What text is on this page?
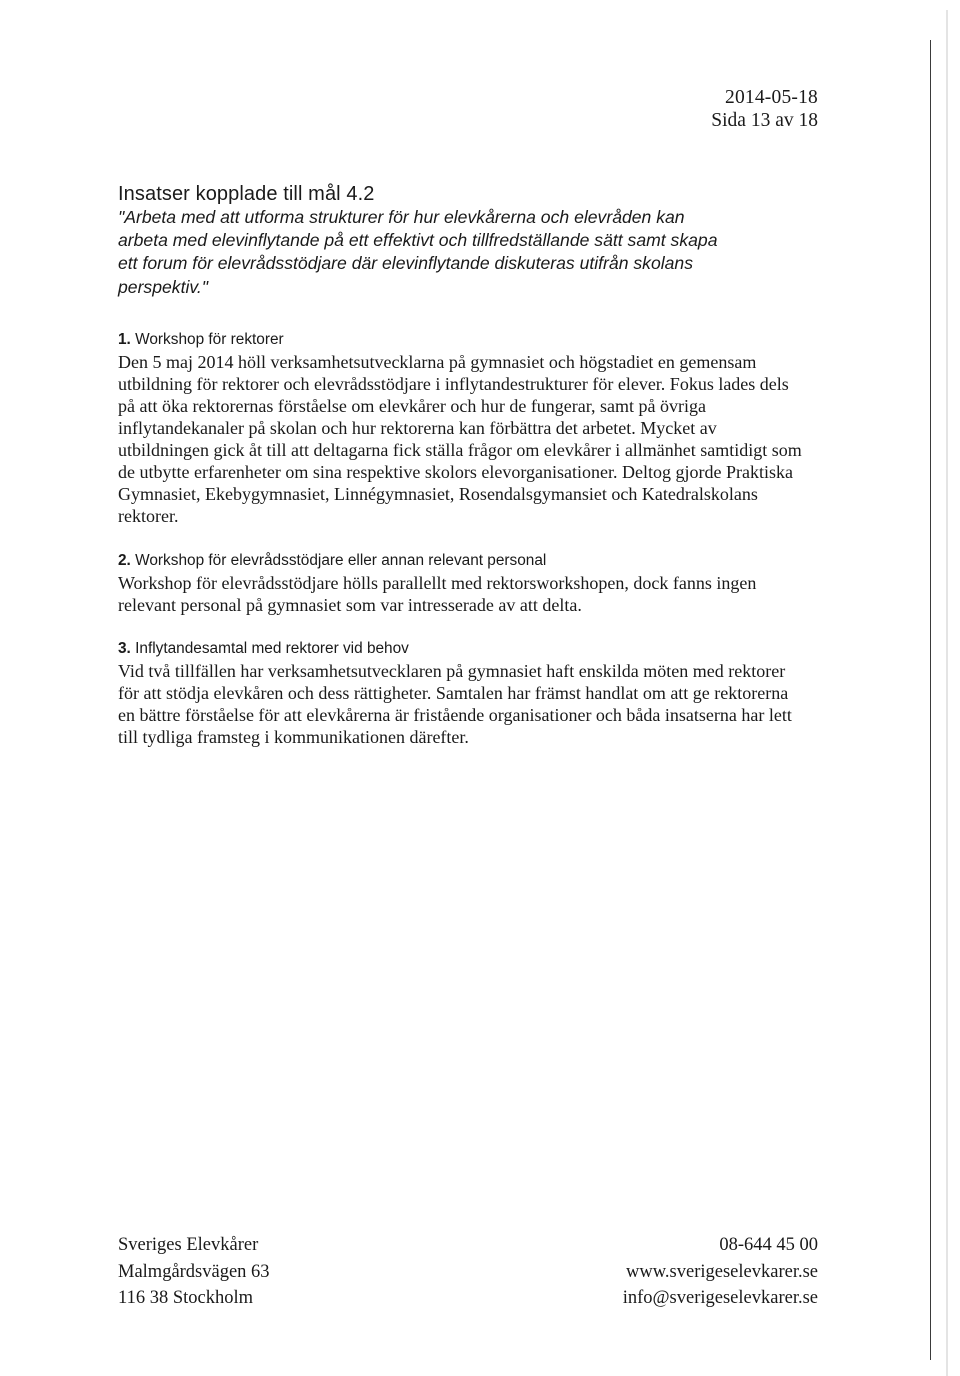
2014-05-18
Sida 13 av 18
Insatser kopplade till mål 4.2

"Arbeta med att utforma strukturer för hur elevkårerna och elevråden kan arbeta med elevinflytande på ett effektivt och tillfredställande sätt samt skapa ett forum för elevrådsstödjare där elevinflytande diskuteras utifrån skolans perspektiv."

1. Workshop för rektorer

Den 5 maj 2014 höll verksamhetsutvecklarna på gymnasiet och högstadiet en gemensam utbildning för rektorer och elevrådsstödjare i inflytandestrukturer för elever. Fokus lades dels på att öka rektorernas förståelse om elevkårer och hur de fungerar, samt på övriga inflytandekanaler på skolan och hur rektorerna kan förbättra det arbetet. Mycket av utbildningen gick åt till att deltagarna fick ställa frågor om elevkårer i allmänhet samtidigt som de utbytte erfarenheter om sina respektive skolors elevorganisationer. Deltog gjorde Praktiska Gymnasiet, Ekebygymnasiet, Linnégymnasiet, Rosendalsgymansiet och Katedralskolans rektorer.

2. Workshop för elevrådsstödjare eller annan relevant personal

Workshop för elevrådsstödjare hölls parallellt med rektorsworkshopen, dock fanns ingen relevant personal på gymnasiet som var intresserade av att delta.

3. Inflytandesamtal med rektorer vid behov

Vid två tillfällen har verksamhetsutvecklaren på gymnasiet haft enskilda möten med rektorer för att stödja elevkåren och dess rättigheter. Samtalen har främst handlat om att ge rektorerna en bättre förståelse för att elevkårerna är fristående organisationer och båda insatserna har lett till tydliga framsteg i kommunikationen därefter.

Sveriges Elevkårer
Malmgårdsvägen 63
116 38 Stockholm
08-644 45 00
www.sverigeselevkarer.se
info@sverigeselevkarer.se
